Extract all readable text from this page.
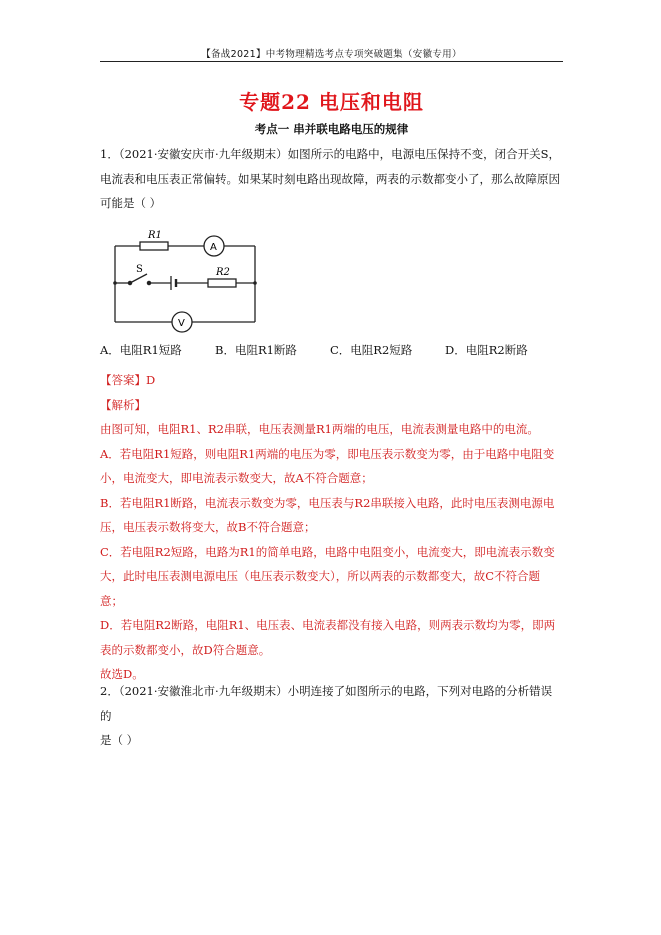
【备战2021】中考物理精选考点专项突破题集（安徽专用）
专题22 电压和电阻
考点一 串并联电路电压的规律
1．（2021·安徽安庆市·九年级期末）如图所示的电路中，电源电压保持不变，闭合开关S，
电流表和电压表正常偏转。如果某时刻电路出现故障，两表的示数都变小了，那么故障原因
可能是（ ）
R1
R2
S
A
V
A．电阻R1短路	B．电阻R1断路	C．电阻R2短路	D．电阻R2断路
【答案】D
【解析】
由图可知，电阻R1、R2串联，电压表测量R1两端的电压，电流表测量电路中的电流。
A．若电阻R1短路，则电阻R1两端的电压为零，即电压表示数变为零，由于电路中电阻变
小，电流变大，即电流表示数变大，故A不符合题意；
B．若电阻R1断路，电流表示数变为零，电压表与R2串联接入电路，此时电压表测电源电
压，电压表示数将变大，故B不符合题意；
C．若电阻R2短路，电路为R1的简单电路，电路中电阻变小，电流变大，即电流表示数变
大，此时电压表测电源电压（电压表示数变大），所以两表的示数都变大，故C不符合题意；
D．若电阻R2断路，电阻R1、电压表、电流表都没有接入电路，则两表示数均为零，即两
表的示数都变小，故D符合题意。
故选D。
2．（2021·安徽淮北市·九年级期末）小明连接了如图所示的电路，下列对电路的分析错误的
是（ ）
